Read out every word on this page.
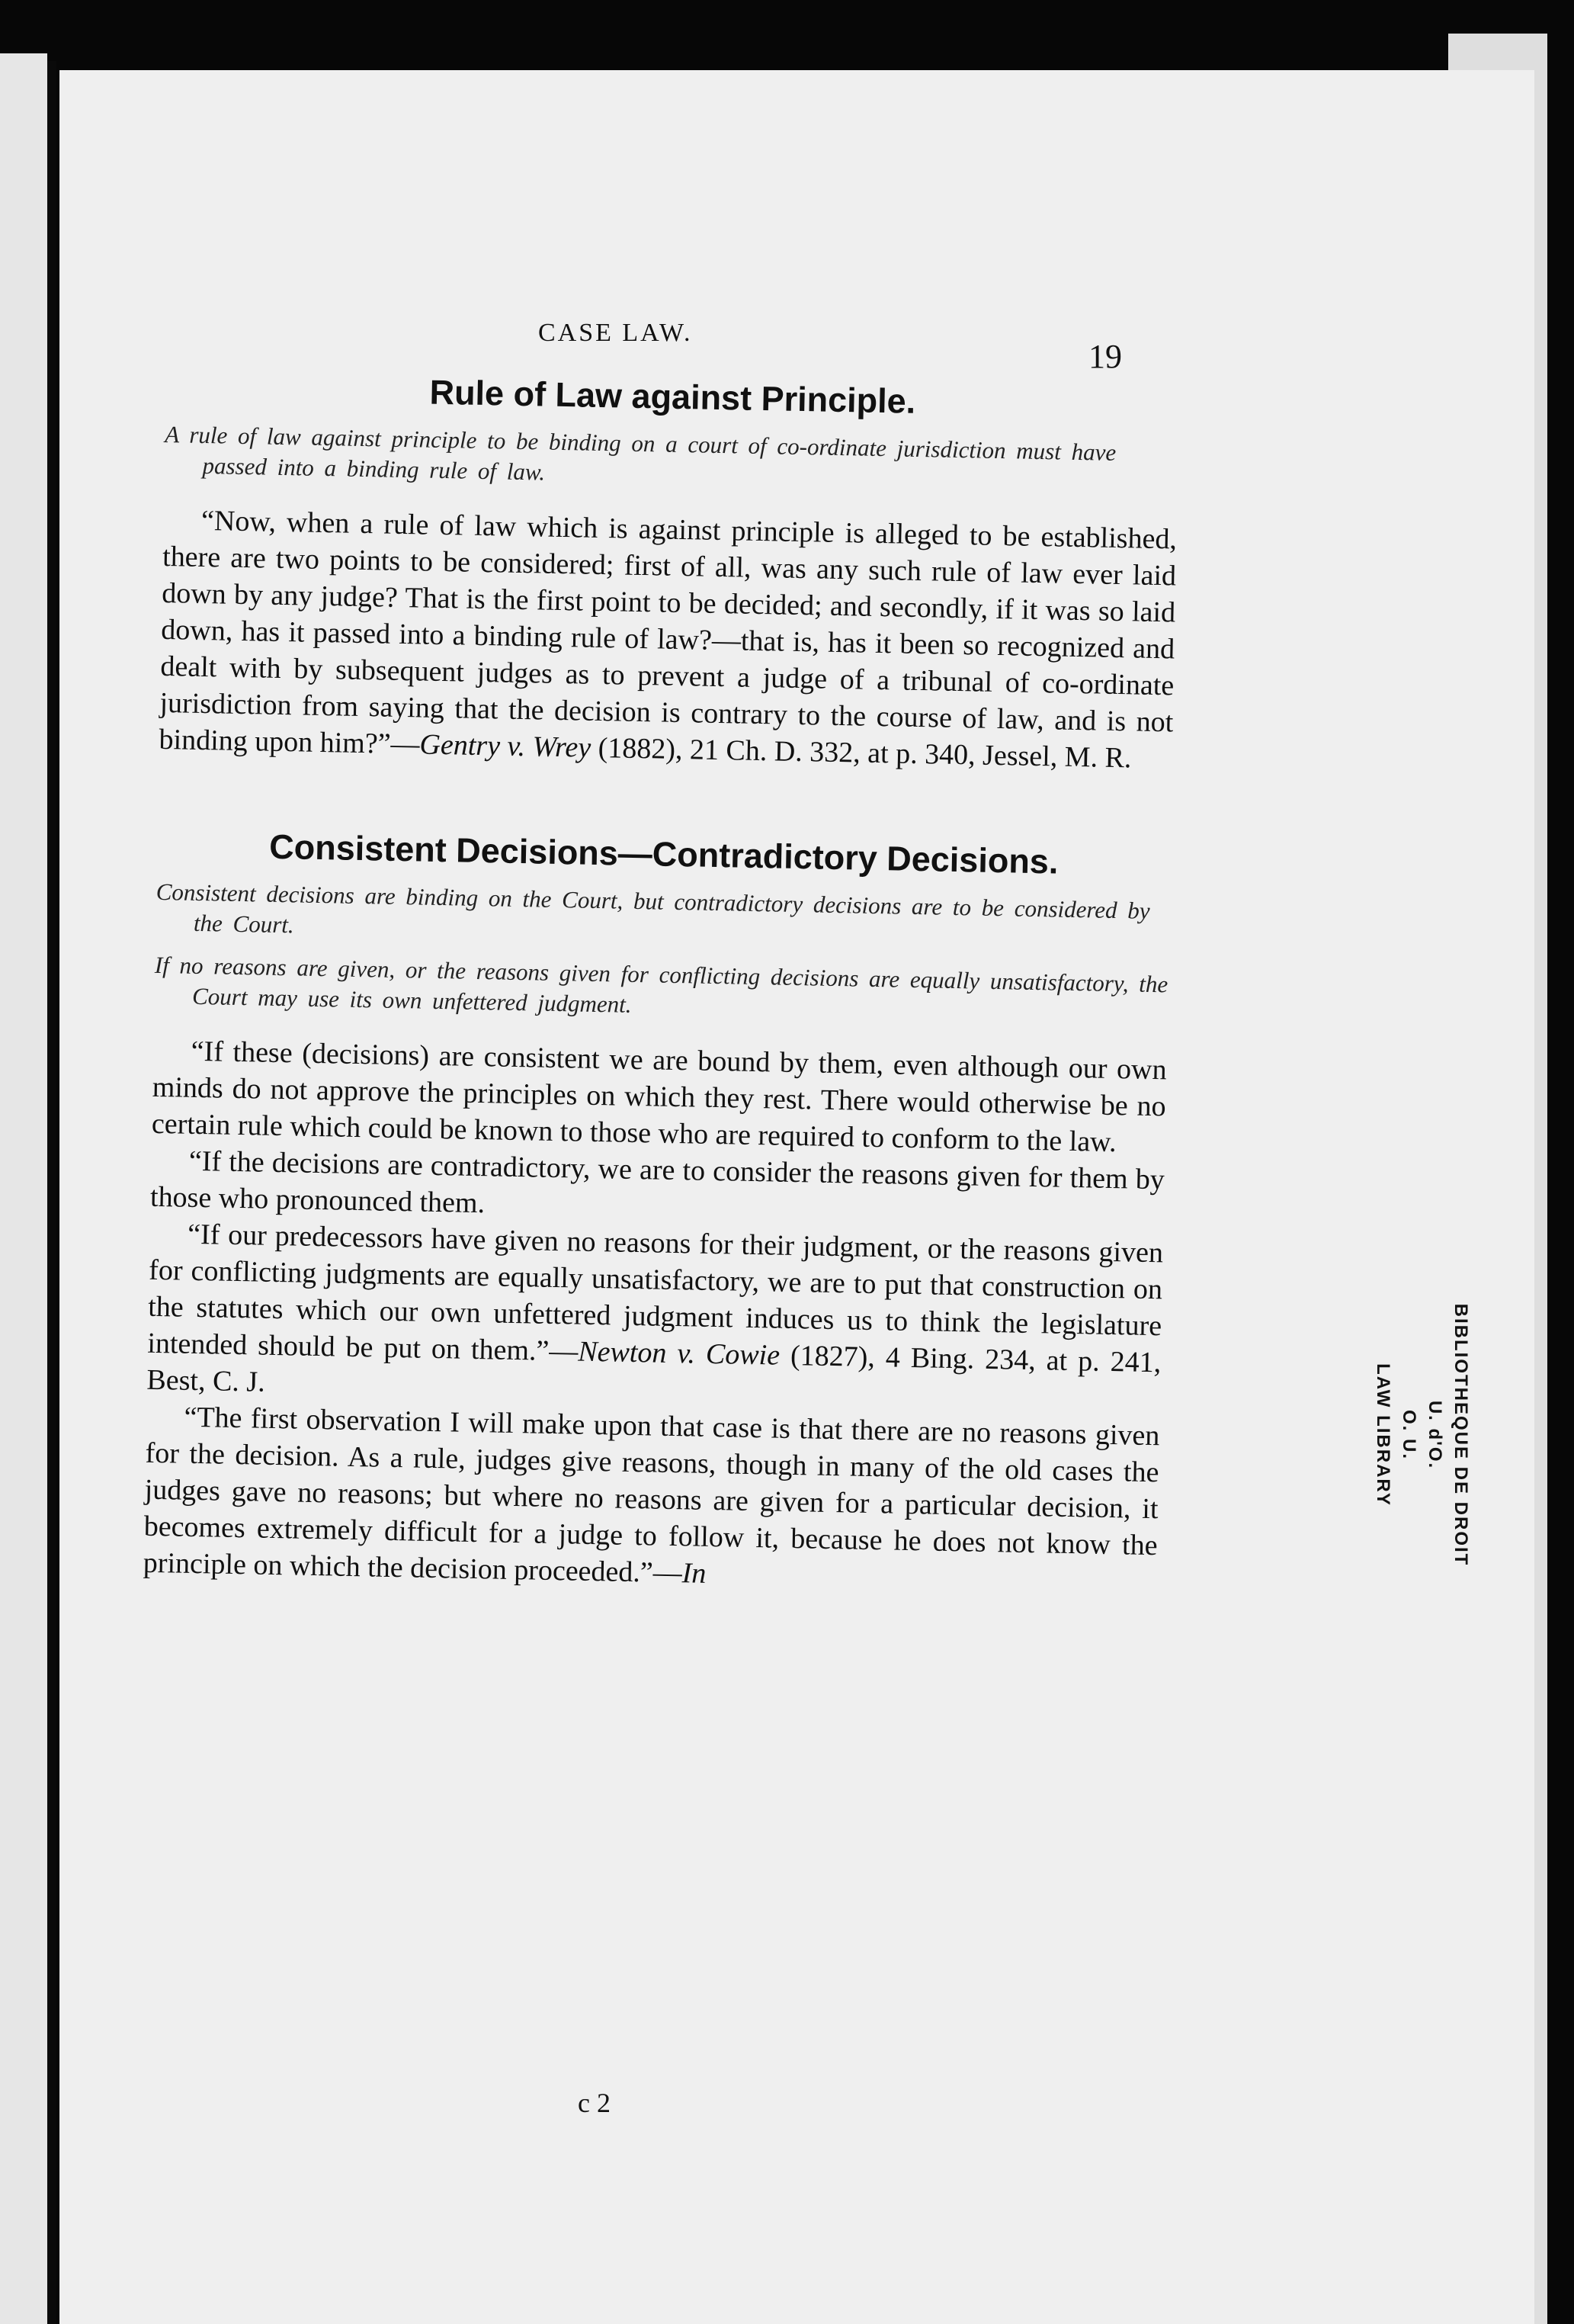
CASE LAW.
19
Rule of Law against Principle.

A rule of law against principle to be binding on a court of co-ordinate jurisdiction must have passed into a binding rule of law.

“Now, when a rule of law which is against principle is alleged to be established, there are two points to be considered; first of all, was any such rule of law ever laid down by any judge? That is the first point to be decided; and secondly, if it was so laid down, has it passed into a binding rule of law?—that is, has it been so recognized and dealt with by subsequent judges as to prevent a judge of a tribunal of co-ordinate jurisdiction from saying that the decision is contrary to the course of law, and is not binding upon him?”—Gentry v. Wrey (1882), 21 Ch. D. 332, at p. 340, Jessel, M. R.

Consistent Decisions—Contradictory Decisions.

Consistent decisions are binding on the Court, but contradictory decisions are to be considered by the Court.

If no reasons are given, or the reasons given for conflicting decisions are equally unsatisfactory, the Court may use its own unfettered judgment.

“If these (decisions) are consistent we are bound by them, even although our own minds do not approve the principles on which they rest. There would otherwise be no certain rule which could be known to those who are required to conform to the law.

“If the decisions are contradictory, we are to consider the reasons given for them by those who pronounced them.

“If our predecessors have given no reasons for their judgment, or the reasons given for conflicting judgments are equally unsatisfactory, we are to put that construction on the statutes which our own unfettered judgment induces us to think the legislature intended should be put on them.”—Newton v. Cowie (1827), 4 Bing. 234, at p. 241, Best, C. J.

“The first observation I will make upon that case is that there are no reasons given for the decision. As a rule, judges give reasons, though in many of the old cases the judges gave no reasons; but where no reasons are given for a particular decision, it becomes extremely difficult for a judge to follow it, because he does not know the principle on which the decision proceeded.”—In

c 2
BIBLIOTHEQUE DE DROIT
U. d'O.
O. U.
LAW LIBRARY
